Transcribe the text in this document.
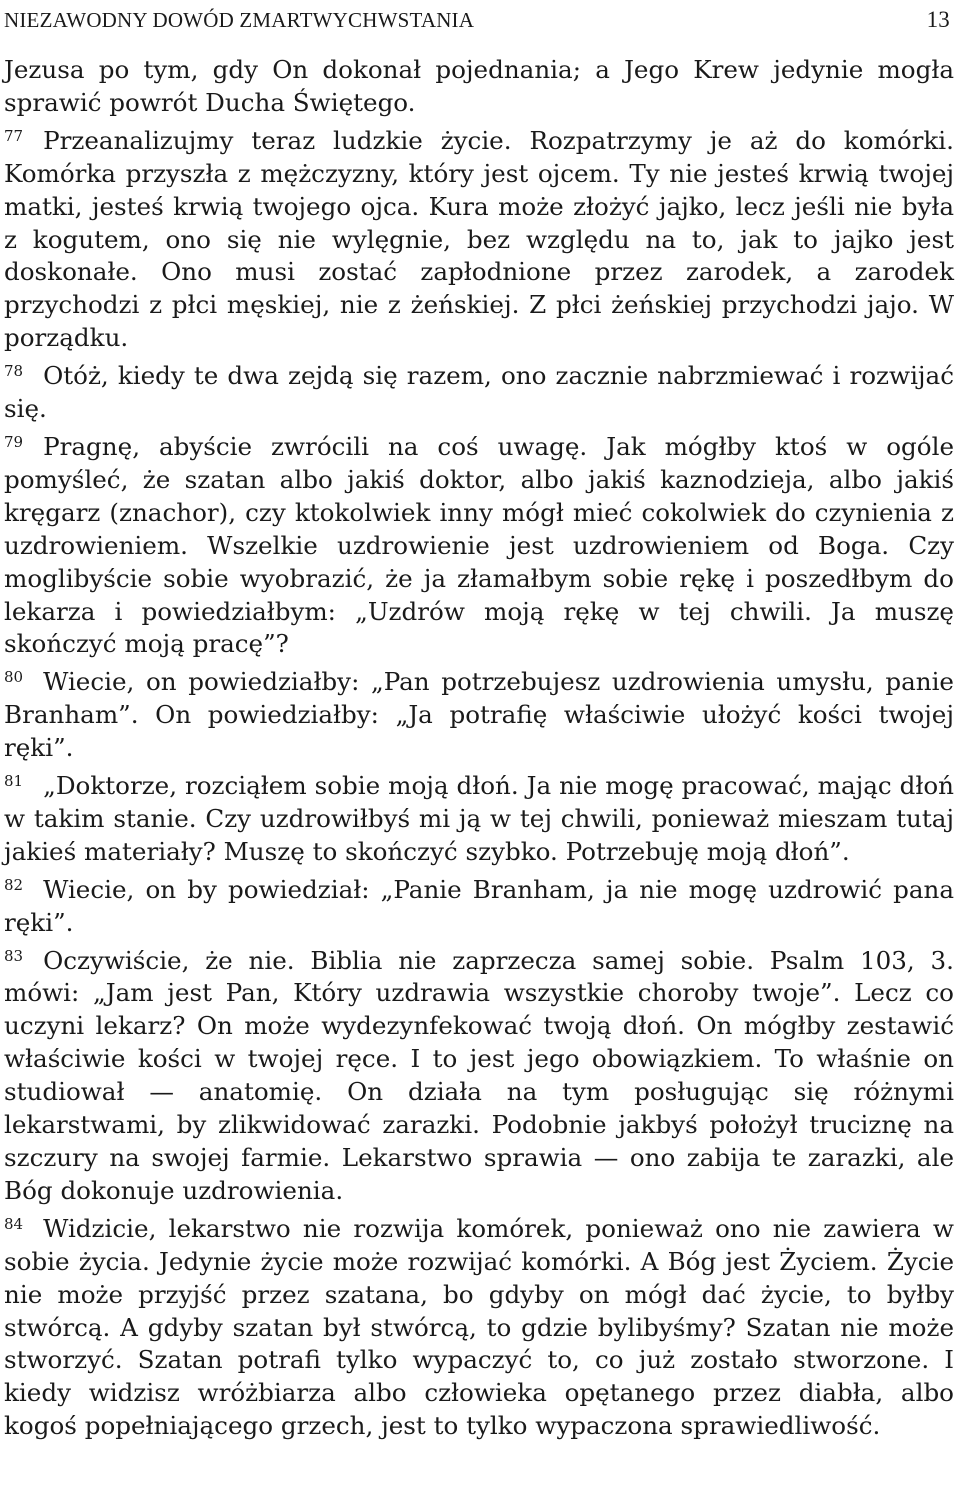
NIEZAWODNY DOWÓD ZMARTWYCHWSTANIA	13

Jezusa po tym, gdy On dokonał pojednania; a Jego Krew jedynie mogła sprawić powrót Ducha Świętego.

$^{77}$ Przeanalizujmy teraz ludzkie życie. Rozpatrzymy je aż do komórki. Komórka przyszła z mężczyzny, który jest ojcem. Ty nie jesteś krwią twojej matki, jesteś krwią twojego ojca. Kura może złożyć jajko, lecz jeśli nie była z kogutem, ono się nie wylęgnie, bez względu na to, jak to jajko jest doskonałe. Ono musi zostać zapłodnione przez zarodek, a zarodek przychodzi z płci męskiej, nie z żeńskiej. Z płci żeńskiej przychodzi jajo. W porządku.

$^{78}$ Otóż, kiedy te dwa zejdą się razem, ono zacznie nabrzmiewać i rozwijać się.

$^{79}$ Pragnę, abyście zwrócili na coś uwagę. Jak mógłby ktoś w ogóle pomyśleć, że szatan albo jakiś doktor, albo jakiś kaznodzieja, albo jakiś kręgarz (znachor), czy ktokolwiek inny mógł mieć cokolwiek do czynienia z uzdrowieniem. Wszelkie uzdrowienie jest uzdrowieniem od Boga. Czy moglibyście sobie wyobrazić, że ja złamałbym sobie rękę i poszedłbym do lekarza i powiedziałbym: „Uzdrów moją rękę w tej chwili. Ja muszę skończyć moją pracę”?

$^{80}$ Wiecie, on powiedziałby: „Pan potrzebujesz uzdrowienia umysłu, panie Branham”. On powiedziałby: „Ja potrafię właściwie ułożyć kości twojej ręki”.

$^{81}$ „Doktorze, rozciąłem sobie moją dłoń. Ja nie mogę pracować, mając dłoń w takim stanie. Czy uzdrowiłbyś mi ją w tej chwili, ponieważ mieszam tutaj jakieś materiały? Muszę to skończyć szybko. Potrzebuję moją dłoń”.

$^{82}$ Wiecie, on by powiedział: „Panie Branham, ja nie mogę uzdrowić pana ręki”.

$^{83}$ Oczywiście, że nie. Biblia nie zaprzecza samej sobie. Psalm 103, 3. mówi: „Jam jest Pan, Który uzdrawia wszystkie choroby twoje”. Lecz co uczyni lekarz? On może wydezynfekować twoją dłoń. On mógłby zestawić właściwie kości w twojej ręce. I to jest jego obowiązkiem. To właśnie on studiował — anatomię. On działa na tym posługując się różnymi lekarstwami, by zlikwidować zarazki. Podobnie jakbyś położył truciznę na szczury na swojej farmie. Lekarstwo sprawia — ono zabija te zarazki, ale Bóg dokonuje uzdrowienia.

$^{84}$ Widzicie, lekarstwo nie rozwija komórek, ponieważ ono nie zawiera w sobie życia. Jedynie życie może rozwijać komórki. A Bóg jest Życiem. Życie nie może przyjść przez szatana, bo gdyby on mógł dać życie, to byłby stwórcą. A gdyby szatan był stwórcą, to gdzie bylibyśmy? Szatan nie może stworzyć. Szatan potrafi tylko wypaczyć to, co już zostało stworzone. I kiedy widzisz wróżbiarza albo człowieka opętanego przez diabła, albo kogoś popełniającego grzech, jest to tylko wypaczona sprawiedliwość.
